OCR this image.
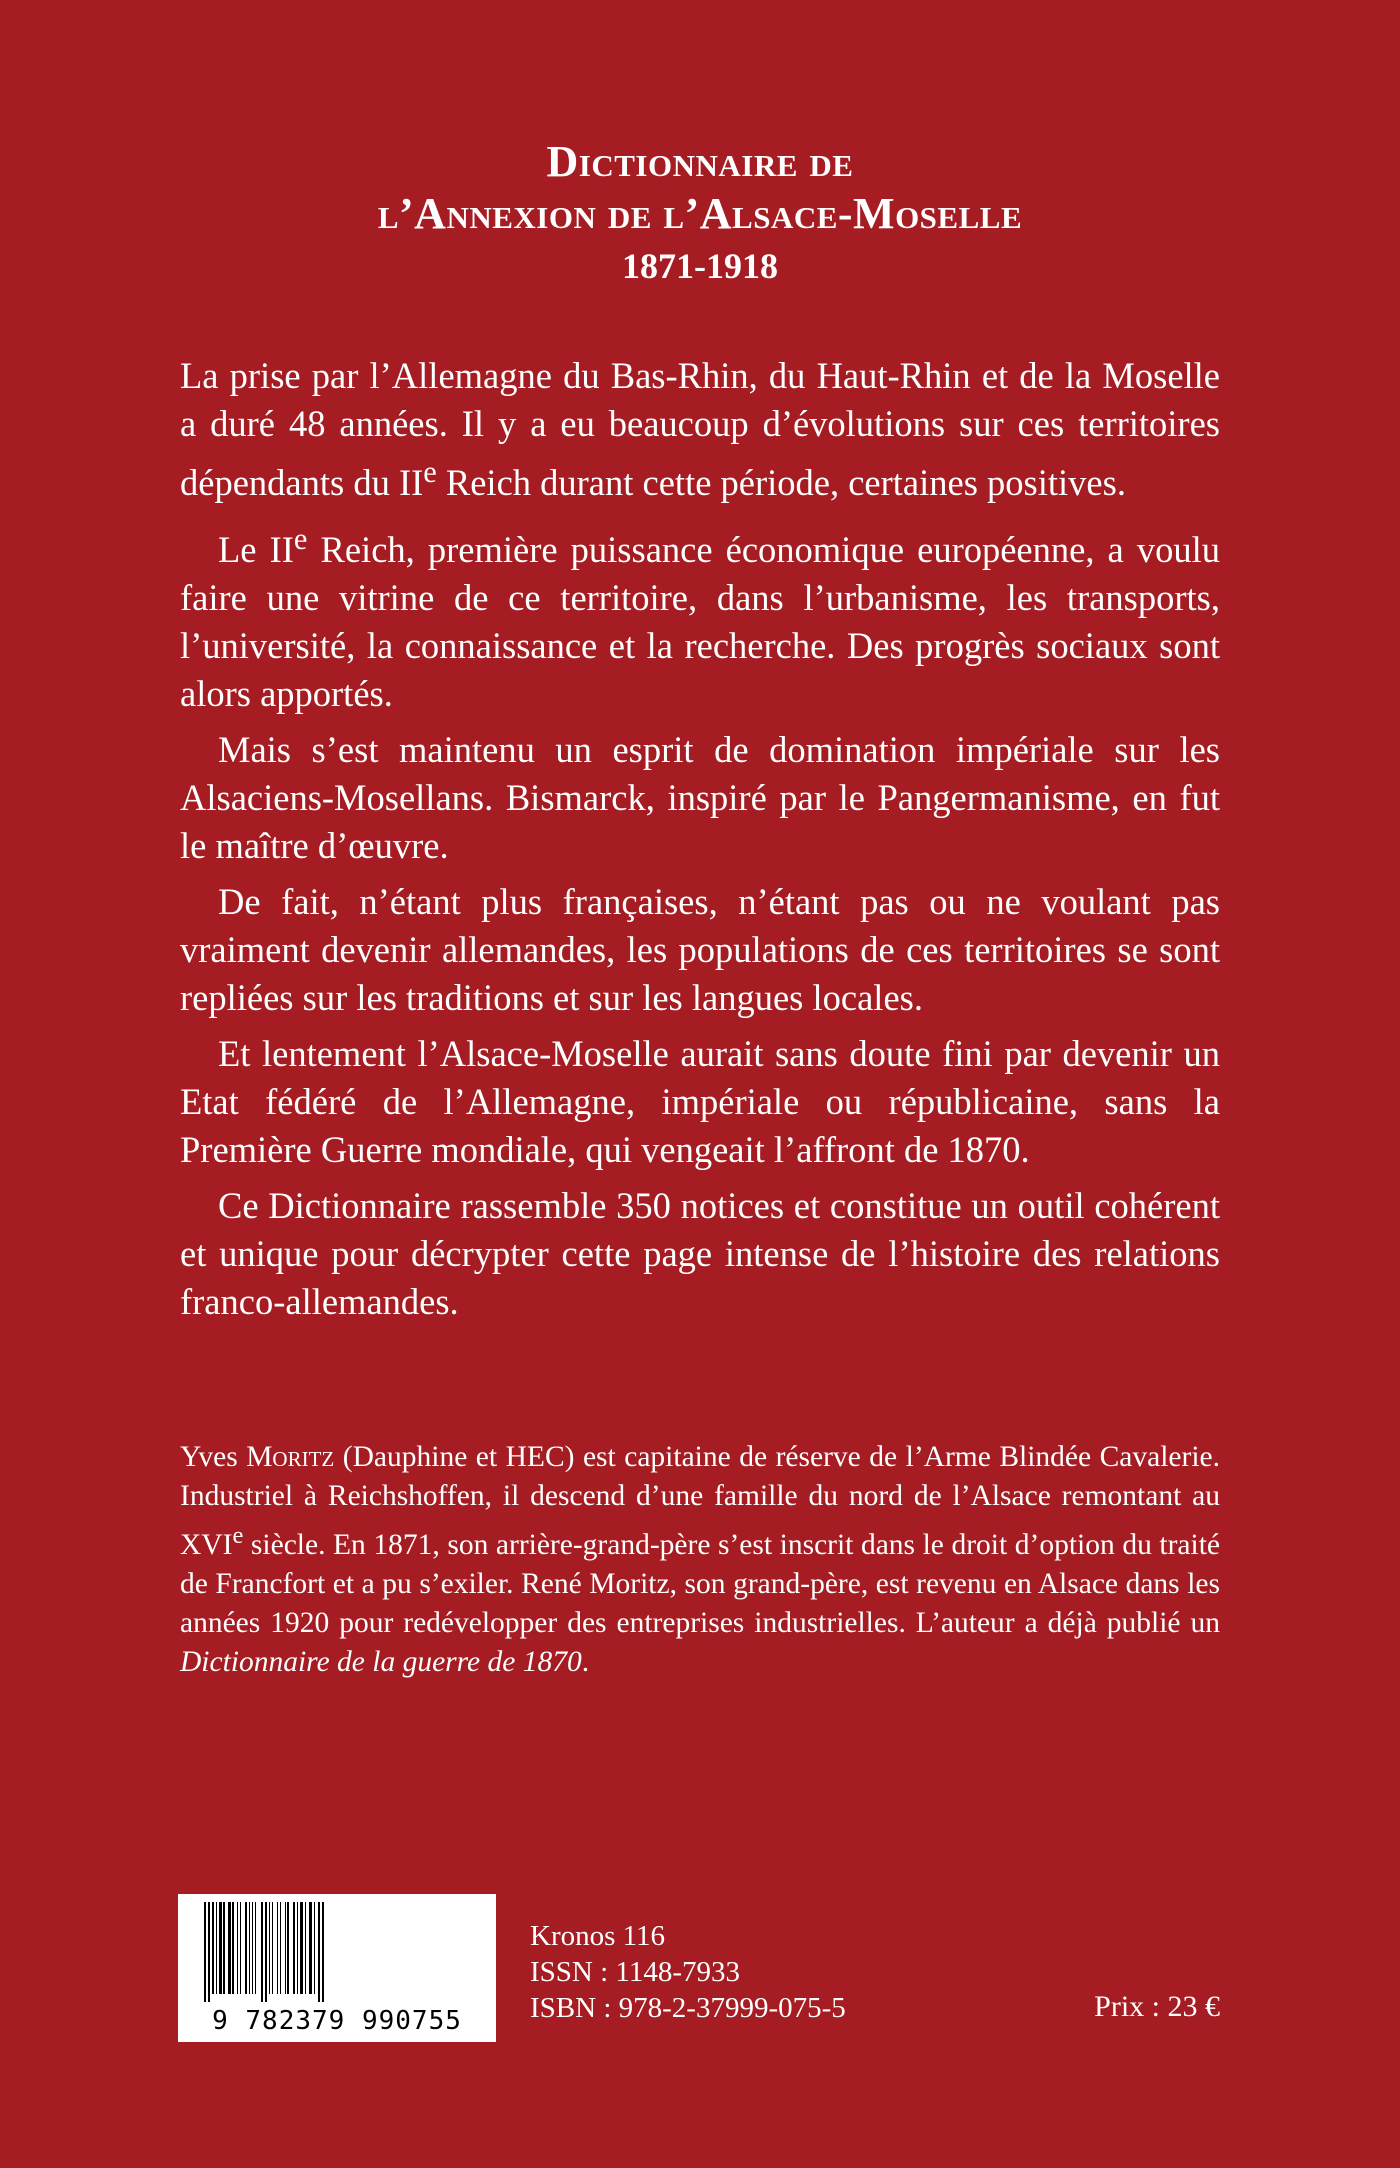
Dictionnaire de
l’Annexion de l’Alsace-Moselle
1871-1918

La prise par l’Allemagne du Bas-Rhin, du Haut-Rhin et de la Moselle a duré 48 années. Il y a eu beaucoup d’évolutions sur ces territoires dépendants du IIe Reich durant cette période, certaines positives.

Le IIe Reich, première puissance économique européenne, a voulu faire une vitrine de ce territoire, dans l’urbanisme, les transports, l’université, la connaissance et la recherche. Des progrès sociaux sont alors apportés.

Mais s’est maintenu un esprit de domination impériale sur les Alsaciens-Mosellans. Bismarck, inspiré par le Pangermanisme, en fut le maître d’œuvre.

De fait, n’étant plus françaises, n’étant pas ou ne voulant pas vraiment devenir allemandes, les populations de ces territoires se sont repliées sur les traditions et sur les langues locales.

Et lentement l’Alsace-Moselle aurait sans doute fini par devenir un Etat fédéré de l’Allemagne, impériale ou républicaine, sans la Première Guerre mondiale, qui vengeait l’affront de 1870.

Ce Dictionnaire rassemble 350 notices et constitue un outil cohérent et unique pour décrypter cette page intense de l’histoire des relations franco-allemandes.

Yves Moritz (Dauphine et HEC) est capitaine de réserve de l’Arme Blindée Cavalerie. Industriel à Reichshoffen, il descend d’une famille du nord de l’Alsace remontant au XVIe siècle. En 1871, son arrière-grand-père s’est inscrit dans le droit d’option du traité de Francfort et a pu s’exiler. René Moritz, son grand-père, est revenu en Alsace dans les années 1920 pour redévelopper des entreprises industrielles. L’auteur a déjà publié un Dictionnaire de la guerre de 1870.
9 782379 990755
Kronos 116
ISSN : 1148-7933
ISBN : 978-2-37999-075-5	Prix : 23 €
